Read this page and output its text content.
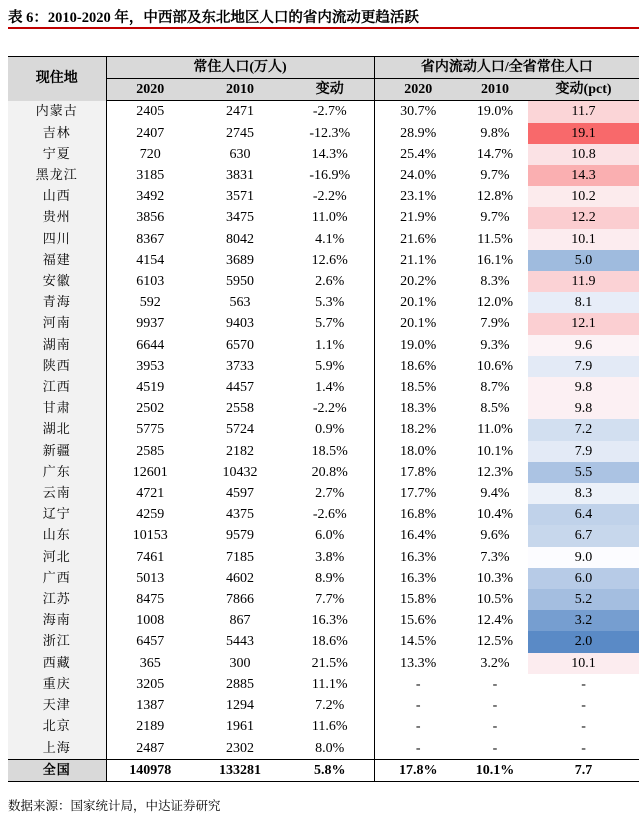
表 6：2010-2020 年，中西部及东北地区人口的省内流动更趋活跃
现住地	常住人口(万人)			省内流动人口/全省常住人口		
	2020	2010	变动	2020	2010	变动(pct)
内蒙古	2405	2471	-2.7%	30.7%	19.0%	11.7
吉林	2407	2745	-12.3%	28.9%	9.8%	19.1
宁夏	720	630	14.3%	25.4%	14.7%	10.8
黑龙江	3185	3831	-16.9%	24.0%	9.7%	14.3
山西	3492	3571	-2.2%	23.1%	12.8%	10.2
贵州	3856	3475	11.0%	21.9%	9.7%	12.2
四川	8367	8042	4.1%	21.6%	11.5%	10.1
福建	4154	3689	12.6%	21.1%	16.1%	5.0
安徽	6103	5950	2.6%	20.2%	8.3%	11.9
青海	592	563	5.3%	20.1%	12.0%	8.1
河南	9937	9403	5.7%	20.1%	7.9%	12.1
湖南	6644	6570	1.1%	19.0%	9.3%	9.6
陕西	3953	3733	5.9%	18.6%	10.6%	7.9
江西	4519	4457	1.4%	18.5%	8.7%	9.8
甘肃	2502	2558	-2.2%	18.3%	8.5%	9.8
湖北	5775	5724	0.9%	18.2%	11.0%	7.2
新疆	2585	2182	18.5%	18.0%	10.1%	7.9
广东	12601	10432	20.8%	17.8%	12.3%	5.5
云南	4721	4597	2.7%	17.7%	9.4%	8.3
辽宁	4259	4375	-2.6%	16.8%	10.4%	6.4
山东	10153	9579	6.0%	16.4%	9.6%	6.7
河北	7461	7185	3.8%	16.3%	7.3%	9.0
广西	5013	4602	8.9%	16.3%	10.3%	6.0
江苏	8475	7866	7.7%	15.8%	10.5%	5.2
海南	1008	867	16.3%	15.6%	12.4%	3.2
浙江	6457	5443	18.6%	14.5%	12.5%	2.0
西藏	365	300	21.5%	13.3%	3.2%	10.1
重庆	3205	2885	11.1%	-	-	-
天津	1387	1294	7.2%	-	-	-
北京	2189	1961	11.6%	-	-	-
上海	2487	2302	8.0%	-	-	-
全国	140978	133281	5.8%	17.8%	10.1%	7.7
数据来源：国家统计局，中达证券研究
